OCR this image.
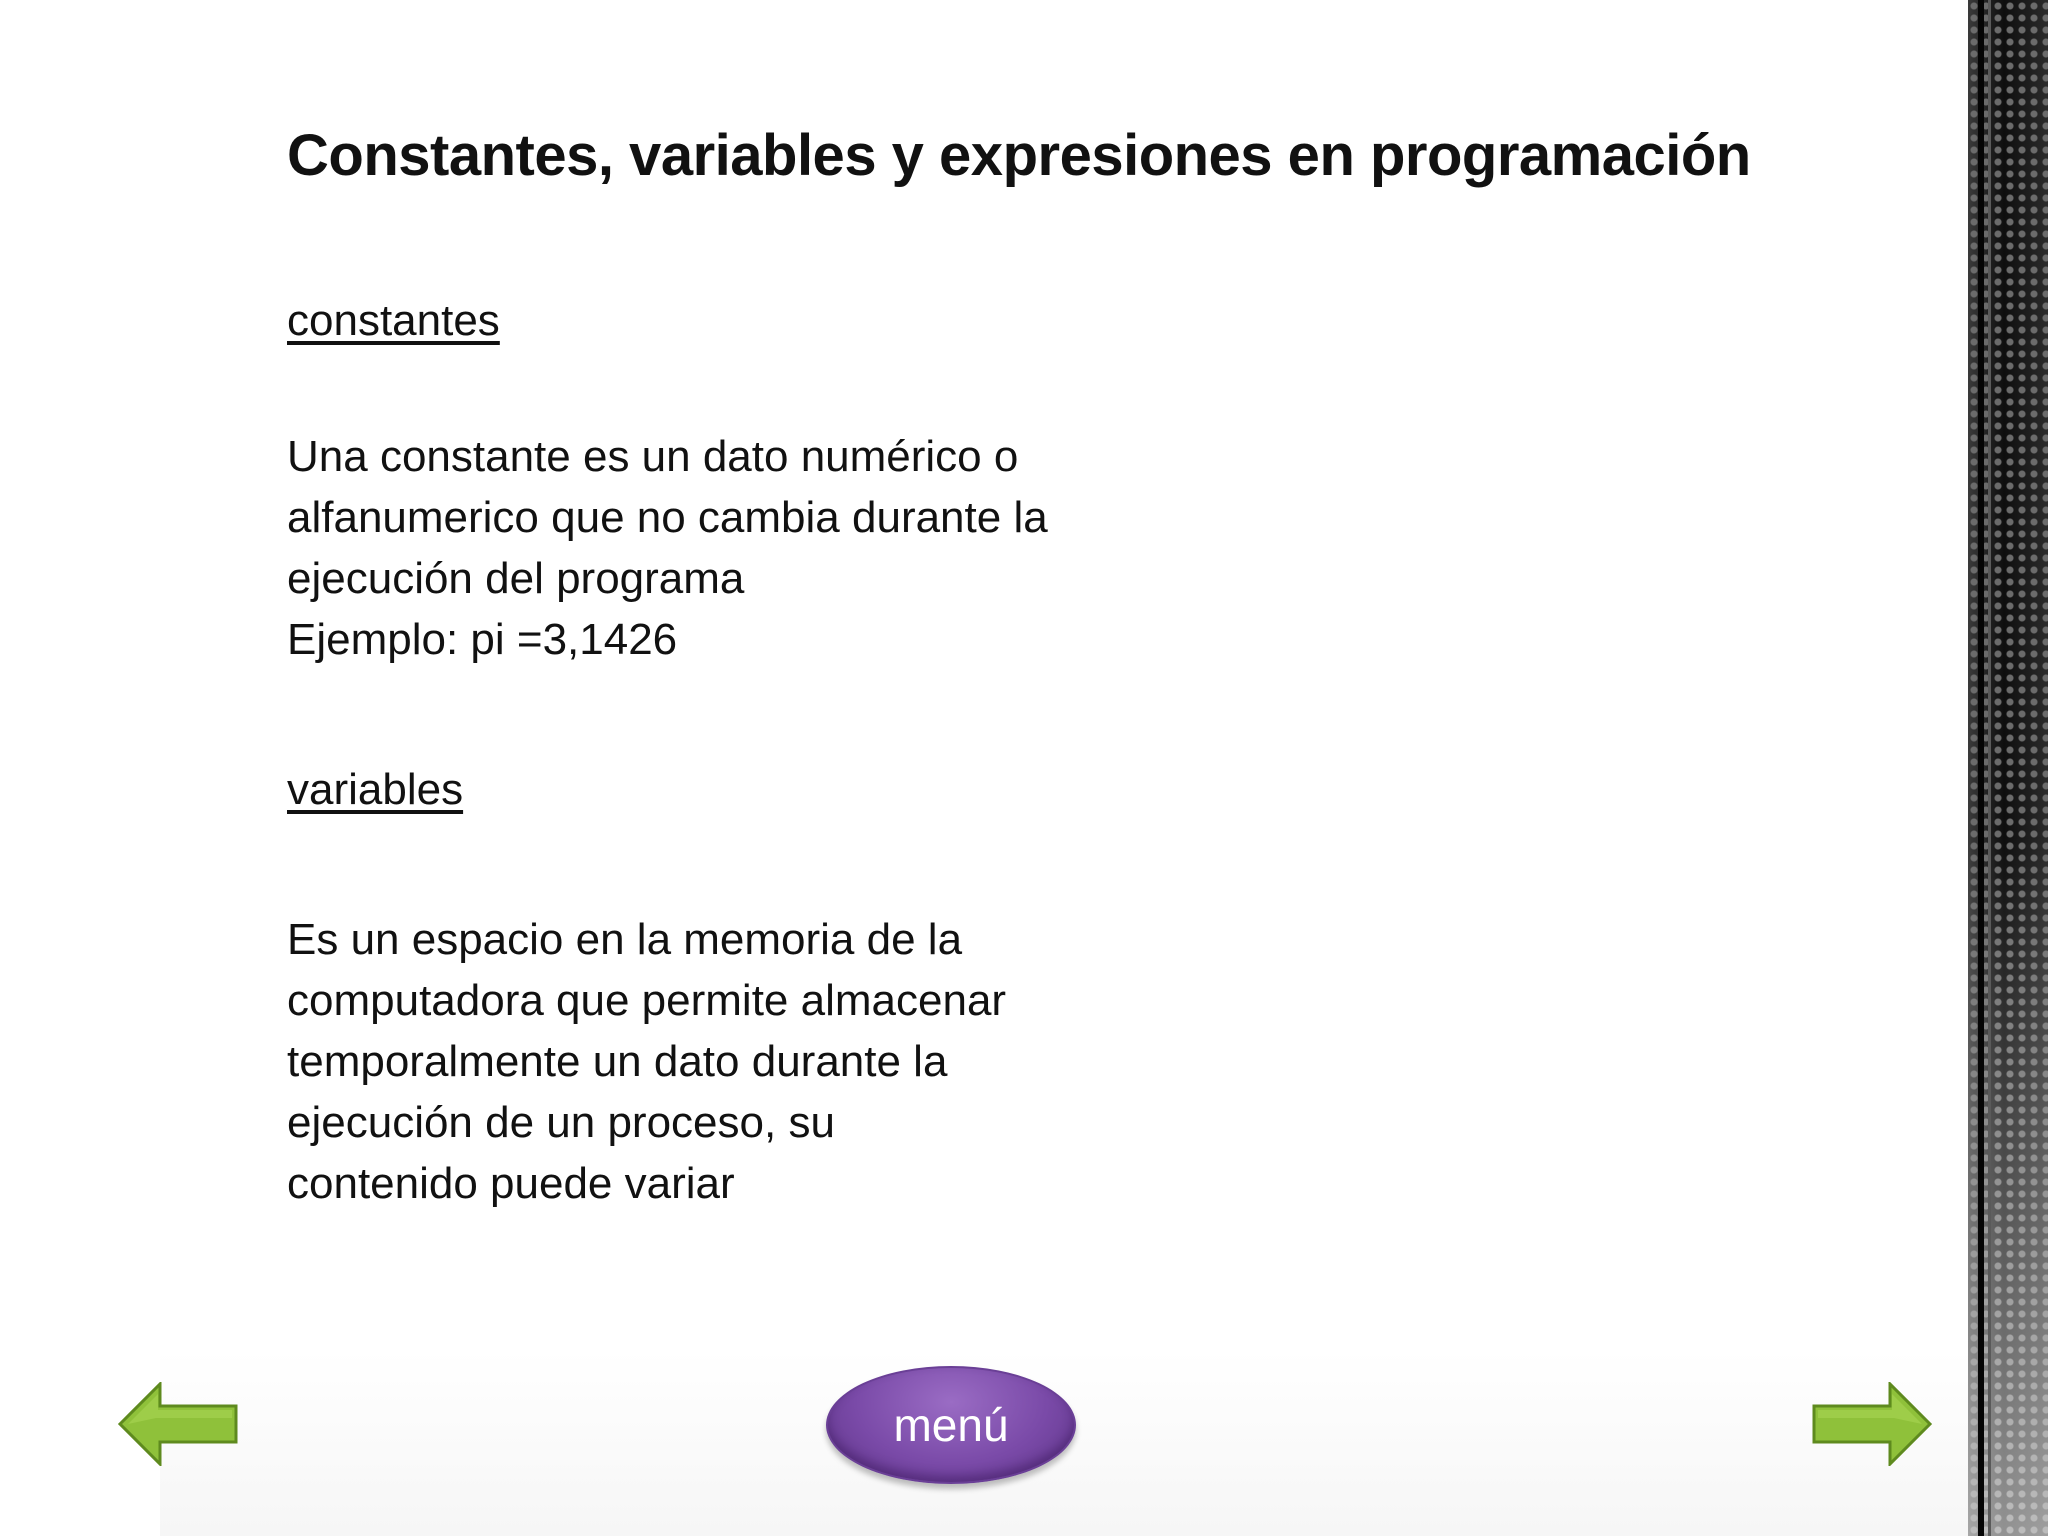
Constantes, variables y expresiones en programación
constantes
Una constante es un dato numérico o
alfanumerico que no cambia durante la
ejecución del programa
Ejemplo: pi =3,1426
variables
Es un espacio en la memoria de la
computadora que permite almacenar
temporalmente un dato durante la
ejecución de un proceso, su
contenido puede variar
menú
